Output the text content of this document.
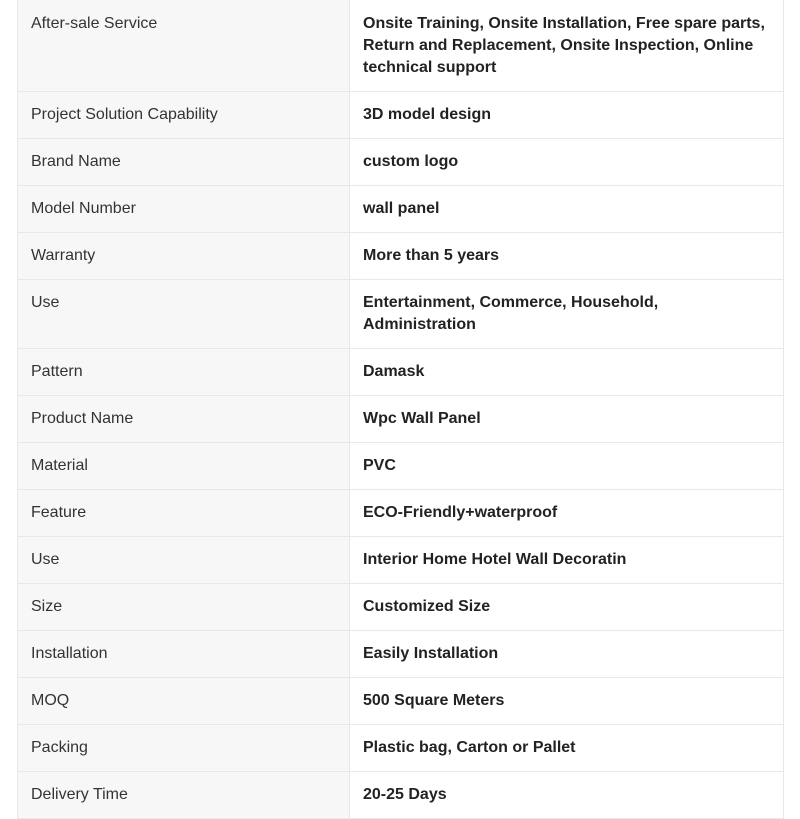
After-sale Service	Onsite Training, Onsite Installation, Free spare parts, Return and Replacement, Onsite Inspection, Online technical support

Project Solution Capability	3D model design

Brand Name	custom logo

Model Number	wall panel

Warranty	More than 5 years

Use	Entertainment, Commerce, Household, Administration

Pattern	Damask

Product Name	Wpc Wall Panel

Material	PVC

Feature	ECO-Friendly+waterproof

Use	Interior Home Hotel Wall Decoratin

Size	Customized Size

Installation	Easily Installation

MOQ	500 Square Meters

Packing	Plastic bag, Carton or Pallet

Delivery Time	20-25 Days
